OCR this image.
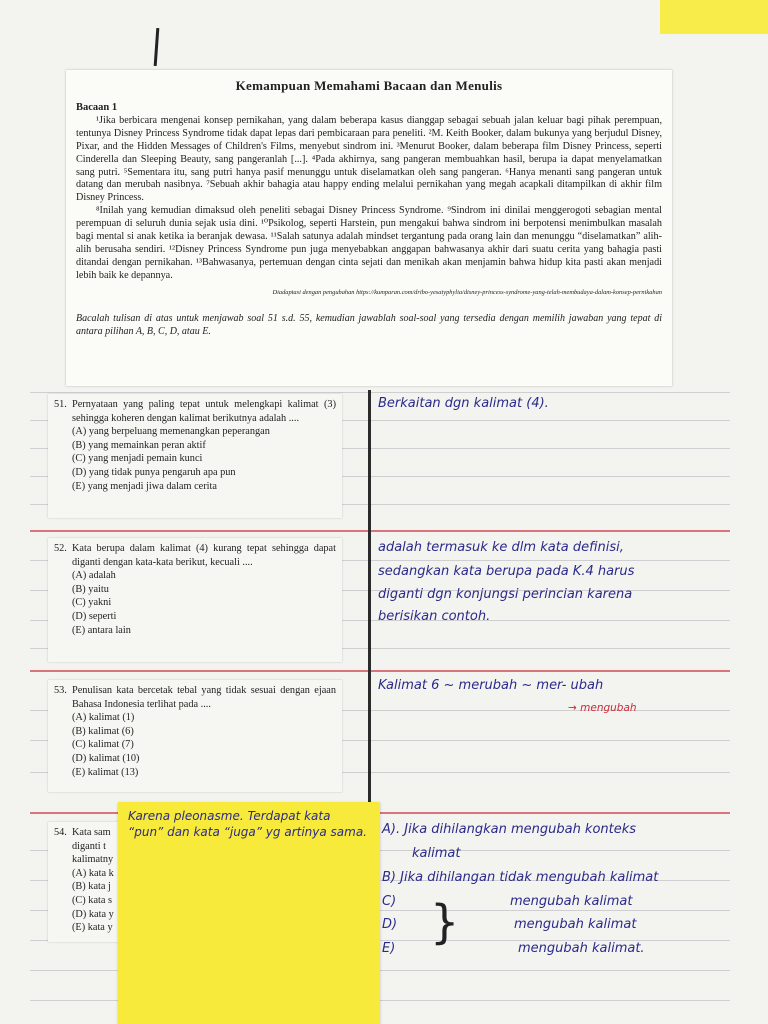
Kemampuan Memahami Bacaan dan Menulis

Bacaan 1

¹Jika berbicara mengenai konsep pernikahan, yang dalam beberapa kasus dianggap sebagai sebuah jalan keluar bagi pihak perempuan, tentunya Disney Princess Syndrome tidak dapat lepas dari pembicaraan para peneliti. ²M. Keith Booker, dalam bukunya yang berjudul Disney, Pixar, and the Hidden Messages of Children's Films, menyebut sindrom ini. ³Menurut Booker, dalam beberapa film Disney Princess, seperti Cinderella dan Sleeping Beauty, sang pangeranlah [...]. ⁴Pada akhirnya, sang pangeran membuahkan hasil, berupa ia dapat menyelamatkan sang putri. ⁵Sementara itu, sang putri hanya pasif menunggu untuk diselamatkan oleh sang pangeran. ⁶Hanya menanti sang pangeran untuk datang dan merubah nasibnya. ⁷Sebuah akhir bahagia atau happy ending melalui pernikahan yang megah acapkali ditampilkan di akhir film Disney Princess.

⁸Inilah yang kemudian dimaksud oleh peneliti sebagai Disney Princess Syndrome. ⁹Sindrom ini dinilai menggerogoti sebagian mental perempuan di seluruh dunia sejak usia dini. ¹⁰Psikolog, seperti Harstein, pun mengakui bahwa sindrom ini berpotensi menimbulkan masalah bagi mental si anak ketika ia beranjak dewasa. ¹¹Salah satunya adalah mindset tergantung pada orang lain dan menunggu “diselamatkan” alih-alih berusaha sendiri. ¹²Disney Princess Syndrome pun juga menyebabkan anggapan bahwasanya akhir dari suatu cerita yang bahagia pasti ditandai dengan pernikahan. ¹³Bahwasanya, pertemuan dengan cinta sejati dan menikah akan menjamin bahwa hidup kita pasti akan menjadi lebih baik ke depannya.

Diadaptasi dengan pengubahan https://kumparan.com/dribo-yesatyphylia/disney-princess-syndrome-yang-telah-membudaya-dalam-konsep-pernikahan

Bacalah tulisan di atas untuk menjawab soal 51 s.d. 55, kemudian jawablah soal-soal yang tersedia dengan memilih jawaban yang tepat di antara pilihan A, B, C, D, atau E.

51. Pernyataan yang paling tepat untuk melengkapi kalimat (3) sehingga koheren dengan kalimat berikutnya adalah ....
(A) yang berpeluang memenangkan peperangan
(B) yang memainkan peran aktif
(C) yang menjadi pemain kunci
(D) yang tidak punya pengaruh apa pun
(E) yang menjadi jiwa dalam cerita
Berkaitan dgn kalimat (4).
52. Kata berupa dalam kalimat (4) kurang tepat sehingga dapat diganti dengan kata-kata berikut, kecuali ....
(A) adalah
(B) yaitu
(C) yakni
(D) seperti
(E) antara lain
adalah termasuk ke dlm kata definisi,
sedangkan kata berupa pada K.4 harus
diganti dgn konjungsi perincian karena
berisikan contoh.
53. Penulisan kata bercetak tebal yang tidak sesuai dengan ejaan Bahasa Indonesia terlihat pada ....
(A) kalimat (1)
(B) kalimat (6)
(C) kalimat (7)
(D) kalimat (10)
(E) kalimat (13)
Kalimat 6 ~ merubah ~ mer- ubah
→ mengubah
54. Kata sam
diganti t
kalimatny
(A) kata k
(B) kata j
(C) kata s
(D) kata y
(E) kata y
A). Jika dihilangkan mengubah konteks
kalimat
B) Jika dihilangan tidak mengubah kalimat
C)	mengubah kalimat
D)	mengubah kalimat
E)	mengubah kalimat.
}
Karena pleonasme. Terdapat kata “pun” dan kata “juga” yg artinya sama.
